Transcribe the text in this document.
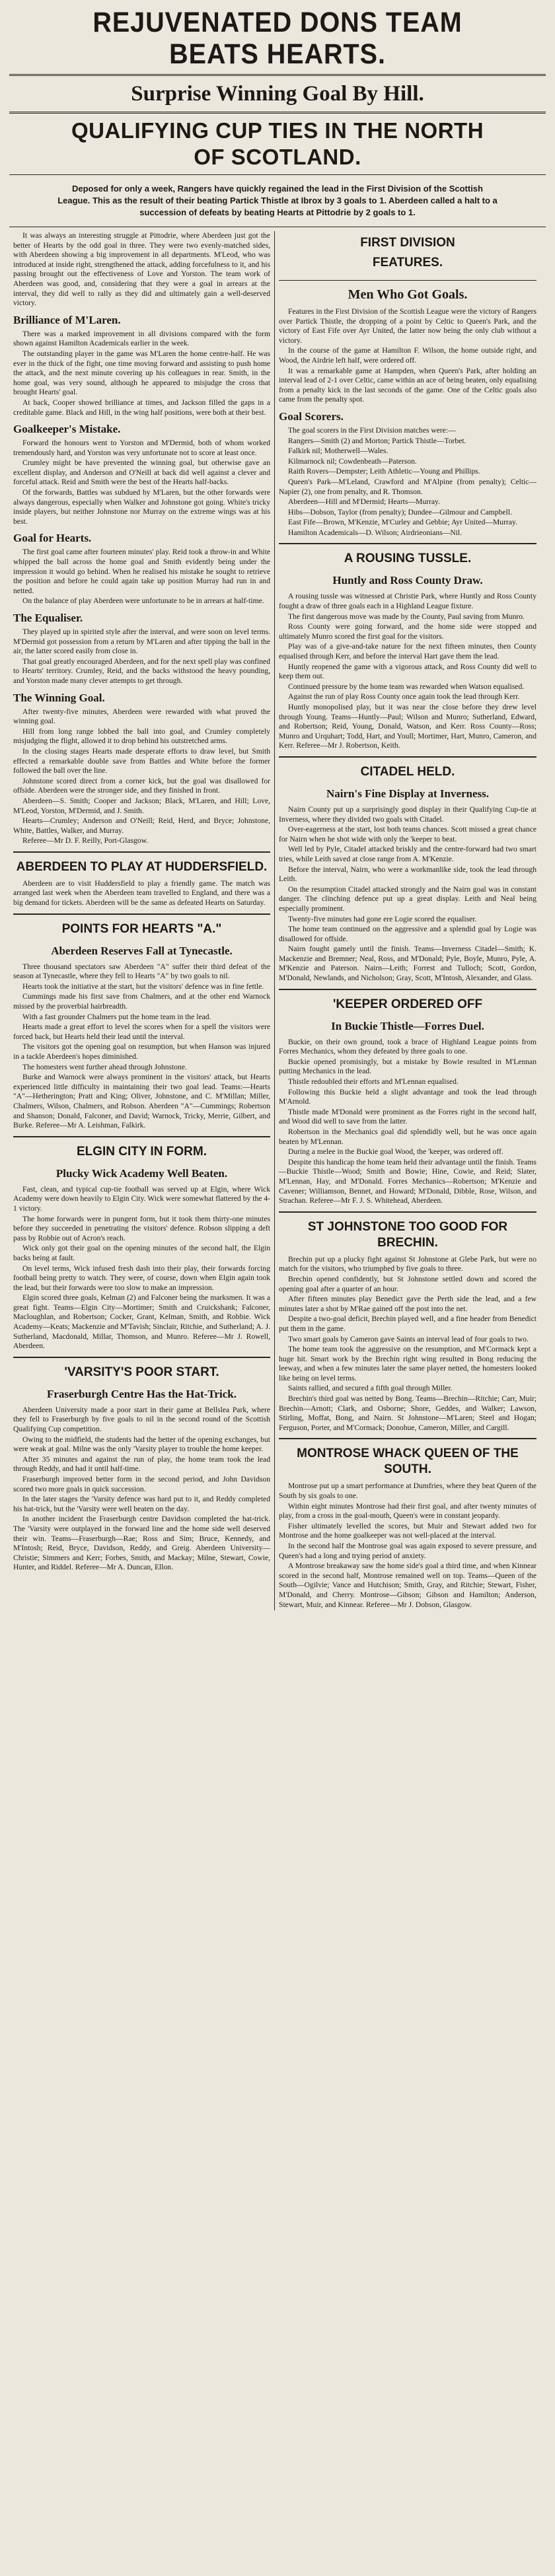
REJUVENATED DONS TEAM
BEATS HEARTS.
Surprise Winning Goal By Hill.
QUALIFYING CUP TIES IN THE NORTH
OF SCOTLAND.
Deposed for only a week, Rangers have quickly regained the lead in the First Division of the Scottish League. This as the result of their beating Partick Thistle at Ibrox by 3 goals to 1. Aberdeen called a halt to a succession of defeats by beating Hearts at Pittodrie by 2 goals to 1.

It was always an interesting struggle at Pittodrie, where Aberdeen just got the better of Hearts by the odd goal in three. They were two evenly-matched sides, with Aberdeen showing a big improvement in all departments. M'Leod, who was introduced at inside right, strengthened the attack, adding forcefulness to it, and his passing brought out the effectiveness of Love and Yorston. The team work of Aberdeen was good, and, considering that they were a goal in arrears at the interval, they did well to rally as they did and ultimately gain a well-deserved victory.

Brilliance of M'Laren.

There was a marked improvement in all divisions compared with the form shown against Hamilton Academicals earlier in the week.

The outstanding player in the game was M'Laren the home centre-half. He was ever in the thick of the fight, one time moving forward and assisting to push home the attack, and the next minute covering up his colleagues in rear. Smith, in the home goal, was very sound, although he appeared to misjudge the cross that brought Hearts' goal.

At back, Cooper showed brilliance at times, and Jackson filled the gaps in a creditable game. Black and Hill, in the wing half positions, were both at their best.

Goalkeeper's Mistake.

Forward the honours went to Yorston and M'Dermid, both of whom worked tremendously hard, and Yorston was very unfortunate not to score at least once.

Crumley might be have prevented the winning goal, but otherwise gave an excellent display, and Anderson and O'Neill at back did well against a clever and forceful attack. Reid and Smith were the best of the Hearts half-backs.

Of the forwards, Battles was subdued by M'Laren, but the other forwards were always dangerous, especially when Walker and Johnstone got going. White's tricky inside players, but neither Johnstone nor Murray on the extreme wings was at his best.

Goal for Hearts.

The first goal came after fourteen minutes' play. Reid took a throw-in and White whipped the ball across the home goal and Smith evidently being under the impression it would go behind. When he realised his mistake he sought to retrieve the position and before he could again take up position Murray had run in and netted.

On the balance of play Aberdeen were unfortunate to be in arrears at half-time.

The Equaliser.

They played up in spirited style after the interval, and were soon on level terms. M'Dermid got possession from a return by M'Laren and after tipping the ball in the air, the latter scored easily from close in.

That goal greatly encouraged Aberdeen, and for the next spell play was confined to Hearts' territory. Crumley, Reid, and the backs withstood the heavy pounding, and Yorston made many clever attempts to get through.

The Winning Goal.

After twenty-five minutes, Aberdeen were rewarded with what proved the winning goal.

Hill from long range lobbed the ball into goal, and Crumley completely misjudging the flight, allowed it to drop behind his outstretched arms.

In the closing stages Hearts made desperate efforts to draw level, but Smith effected a remarkable double save from Battles and White before the former followed the ball over the line.

Johnstone scored direct from a corner kick, but the goal was disallowed for offside. Aberdeen were the stronger side, and they finished in front.

Aberdeen—S. Smith; Cooper and Jackson; Black, M'Laren, and Hill; Love, M'Leod, Yorston, M'Dermid, and J. Smith.

Hearts—Crumley; Anderson and O'Neill; Reid, Herd, and Bryce; Johnstone, White, Battles, Walker, and Murray.

Referee—Mr D. F. Reilly, Port-Glasgow.

ABERDEEN TO PLAY AT HUDDERSFIELD.

Aberdeen are to visit Huddersfield to play a friendly game. The match was arranged last week when the Aberdeen team travelled to England, and there was a big demand for tickets. Aberdeen will be the same as defeated Hearts on Saturday.

POINTS FOR HEARTS "A."
Aberdeen Reserves Fall at Tynecastle.

Three thousand spectators saw Aberdeen "A" suffer their third defeat of the season at Tynecastle, where they fell to Hearts "A" by two goals to nil.

Hearts took the initiative at the start, but the visitors' defence was in fine fettle.

Cummings made his first save from Chalmers, and at the other end Warnock missed by the proverbial hairbreadth.

With a fast grounder Chalmers put the home team in the lead.

Hearts made a great effort to level the scores when for a spell the visitors were forced back, but Hearts held their lead until the interval.

The visitors got the opening goal on resumption, but when Hanson was injured in a tackle Aberdeen's hopes diminished.

The homesters went further ahead through Johnstone.

Burke and Warnock were always prominent in the visitors' attack, but Hearts experienced little difficulty in maintaining their two goal lead. Teams:—Hearts "A"—Hetherington; Pratt and King; Oliver, Johnstone, and C. M'Millan; Miller, Chalmers, Wilson, Chalmers, and Robson. Aberdeen "A"—Cummings; Robertson and Shanson; Donald, Falconer, and David; Warnock, Tricky, Merrie, Gilbert, and Burke. Referee—Mr A. Leishman, Falkirk.

ELGIN CITY IN FORM.
Plucky Wick Academy Well Beaten.

Fast, clean, and typical cup-tie football was served up at Elgin, where Wick Academy were down heavily to Elgin City. Wick were somewhat flattered by the 4-1 victory.

The home forwards were in pungent form, but it took them thirty-one minutes before they succeeded in penetrating the visitors' defence. Robson slipping a deft pass by Robbie out of Acron's reach.

Wick only got their goal on the opening minutes of the second half, the Elgin backs being at fault.

On level terms, Wick infused fresh dash into their play, their forwards forcing football being pretty to watch. They were, of course, down when Elgin again took the lead, but their forwards were too slow to make an impression.

Elgin scored three goals, Kelman (2) and Falconer being the marksmen. It was a great fight. Teams—Elgin City—Mortimer; Smith and Cruickshank; Falconer, Macloughlan, and Robertson; Cocker, Grant, Kelman, Smith, and Robbie. Wick Academy—Keats; Mackenzie and M'Tavish; Sinclair, Ritchie, and Sutherland; A. J. Sutherland, Macdonald, Millar, Thomson, and Munro. Referee—Mr J. Rowell, Aberdeen.

'VARSITY'S POOR START.
Fraserburgh Centre Has the Hat-Trick.

Aberdeen University made a poor start in their game at Bellslea Park, where they fell to Fraserburgh by five goals to nil in the second round of the Scottish Qualifying Cup competition.

Owing to the midfield, the students had the better of the opening exchanges, but were weak at goal. Milne was the only 'Varsity player to trouble the home keeper.

After 35 minutes and against the run of play, the home team took the lead through Reddy, and had it until half-time.

Fraserburgh improved better form in the second period, and John Davidson scored two more goals in quick succession.

In the later stages the 'Varsity defence was hard put to it, and Reddy completed his hat-trick, but the 'Varsity were well beaten on the day.

In another incident the Fraserburgh centre Davidson completed the hat-trick. The 'Varsity were outplayed in the forward line and the home side well deserved their win. Teams—Fraserburgh—Rae; Ross and Sim; Bruce, Kennedy, and M'Intosh; Reid, Bryce, Davidson, Reddy, and Greig. Aberdeen University—Christie; Simmers and Kerr; Forbes, Smith, and Mackay; Milne, Stewart, Cowie, Hunter, and Riddel. Referee—Mr A. Duncan, Ellon.

FIRST DIVISION
FEATURES.
Men Who Got Goals.

Features in the First Division of the Scottish League were the victory of Rangers over Partick Thistle, the dropping of a point by Celtic to Queen's Park, and the victory of East Fife over Ayr United, the latter now being the only club without a victory.

In the course of the game at Hamilton F. Wilson, the home outside right, and Wood, the Airdrie left half, were ordered off.

It was a remarkable game at Hampden, when Queen's Park, after holding an interval lead of 2-1 over Celtic, came within an ace of being beaten, only equalising from a penalty kick in the last seconds of the game. One of the Celtic goals also came from the penalty spot.

Goal Scorers.

The goal scorers in the First Division matches were:—

Rangers—Smith (2) and Morton; Partick Thistle—Torbet.

Falkirk nil; Motherwell—Wales.

Kilmarnock nil; Cowdenbeath—Paterson.

Raith Rovers—Dempster; Leith Athletic—Young and Phillips.

Queen's Park—M'Leland, Crawford and M'Alpine (from penalty); Celtic—Napier (2), one from penalty, and R. Thomson.

Aberdeen—Hill and M'Dermid; Hearts—Murray.

Hibs—Dobson, Taylor (from penalty); Dundee—Gilmour and Campbell.

East Fife—Brown, M'Kenzie, M'Curley and Gebbie; Ayr United—Murray.

Hamilton Academicals—D. Wilson; Airdrieonians—Nil.

A ROUSING TUSSLE.
Huntly and Ross County Draw.

A rousing tussle was witnessed at Christie Park, where Huntly and Ross County fought a draw of three goals each in a Highland League fixture.

The first dangerous move was made by the County, Paul saving from Munro.

Ross County were going forward, and the home side were stopped and ultimately Munro scored the first goal for the visitors.

Play was of a give-and-take nature for the next fifteen minutes, then County equalised through Kerr, and before the interval Hart gave them the lead.

Huntly reopened the game with a vigorous attack, and Ross County did well to keep them out.

Continued pressure by the home team was rewarded when Watson equalised.

Against the run of play Ross County once again took the lead through Kerr.

Huntly monopolised play, but it was near the close before they drew level through Young. Teams—Huntly—Paul; Wilson and Munro; Sutherland, Edward, and Robertson; Reid, Young, Donald, Watson, and Kerr. Ross County—Ross; Munro and Urquhart; Todd, Hart, and Youll; Mortimer, Hart, Munro, Cameron, and Kerr. Referee—Mr J. Robertson, Keith.

CITADEL HELD.
Nairn's Fine Display at Inverness.

Nairn County put up a surprisingly good display in their Qualifying Cup-tie at Inverness, where they divided two goals with Citadel.

Over-eagerness at the start, lost both teams chances. Scott missed a great chance for Nairn when he shot wide with only the 'keeper to beat.

Well led by Pyle, Citadel attacked briskly and the centre-forward had two smart tries, while Leith saved at close range from A. M'Kenzie.

Before the interval, Nairn, who were a workmanlike side, took the lead through Leith.

On the resumption Citadel attacked strongly and the Nairn goal was in constant danger. The clinching defence put up a great display. Leith and Neal being especially prominent.

Twenty-five minutes had gone ere Logie scored the equaliser.

The home team continued on the aggressive and a splendid goal by Logie was disallowed for offside.

Nairn fought gamely until the finish. Teams—Inverness Citadel—Smith; K. Mackenzie and Bremner; Neal, Ross, and M'Donald; Pyle, Boyle, Munro, Pyle, A. M'Kenzie and Paterson. Nairn—Leith; Forrest and Tulloch; Scott, Gordon, M'Donald, Newlands, and Nicholson; Gray, Scott, M'Intosh, Alexander, and Glass.

'KEEPER ORDERED OFF
In Buckie Thistle—Forres Duel.

Buckie, on their own ground, took a brace of Highland League points from Forres Mechanics, whom they defeated by three goals to one.

Buckie opened promisingly, but a mistake by Bowie resulted in M'Lennan putting Mechanics in the lead.

Thistle redoubled their efforts and M'Lennan equalised.

Following this Buckie held a slight advantage and took the lead through M'Arnold.

Thistle made M'Donald were prominent as the Forres right in the second half, and Wood did well to save from the latter.

Robertson in the Mechanics goal did splendidly well, but he was once again beaten by M'Lennan.

During a melee in the Buckie goal Wood, the 'keeper, was ordered off.

Despite this handicap the home team held their advantage until the finish. Teams—Buckie Thistle—Wood; Smith and Bowie; Hine, Cowie, and Reid; Slater, M'Lennan, Hay, and M'Donald. Forres Mechanics—Robertson; M'Kenzie and Cavener; Williamson, Bennet, and Howard; M'Donald, Dibble, Rose, Wilson, and Strachan. Referee—Mr F. J. S. Whitehead, Aberdeen.

ST JOHNSTONE TOO GOOD FOR BRECHIN.

Brechin put up a plucky fight against St Johnstone at Glebe Park, but were no match for the visitors, who triumphed by five goals to three.

Brechin opened confidently, but St Johnstone settled down and scored the opening goal after a quarter of an hour.

After fifteen minutes play Benedict gave the Perth side the lead, and a few minutes later a shot by M'Rae gained off the post into the net.

Despite a two-goal deficit, Brechin played well, and a fine header from Benedict put them in the game.

Two smart goals by Cameron gave Saints an interval lead of four goals to two.

The home team took the aggressive on the resumption, and M'Cormack kept a huge hit. Smart work by the Brechin right wing resulted in Bong reducing the leeway, and when a few minutes later the same player netted, the homesters looked like being on level terms.

Saints rallied, and secured a fifth goal through Miller.

Brechin's third goal was netted by Bong. Teams—Brechin—Ritchie; Carr, Muir; Brechin—Arnott; Clark, and Osborne; Shore, Geddes, and Walker; Lawson, Stirling, Moffat, Bong, and Nairn. St Johnstone—M'Laren; Steel and Hogan; Ferguson, Porter, and M'Cormack; Donohue, Cameron, Miller, and Cargill.

MONTROSE WHACK QUEEN OF THE SOUTH.

Montrose put up a smart performance at Dumfries, where they beat Queen of the South by six goals to one.

Within eight minutes Montrose had their first goal, and after twenty minutes of play, from a cross in the goal-mouth, Queen's were in constant jeopardy.

Fisher ultimately levelled the scores, but Muir and Stewart added two for Montrose and the home goalkeeper was not well-placed at the interval.

In the second half the Montrose goal was again exposed to severe pressure, and Queen's had a long and trying period of anxiety.

A Montrose breakaway saw the home side's goal a third time, and when Kinnear scored in the second half, Montrose remained well on top. Teams—Queen of the South—Ogilvie; Vance and Hutchison; Smith, Gray, and Ritchie; Stewart, Fisher, M'Donald, and Cherry. Montrose—Gibson; Gibson and Hamilton; Anderson, Stewart, Muir, and Kinnear. Referee—Mr J. Dobson, Glasgow.
